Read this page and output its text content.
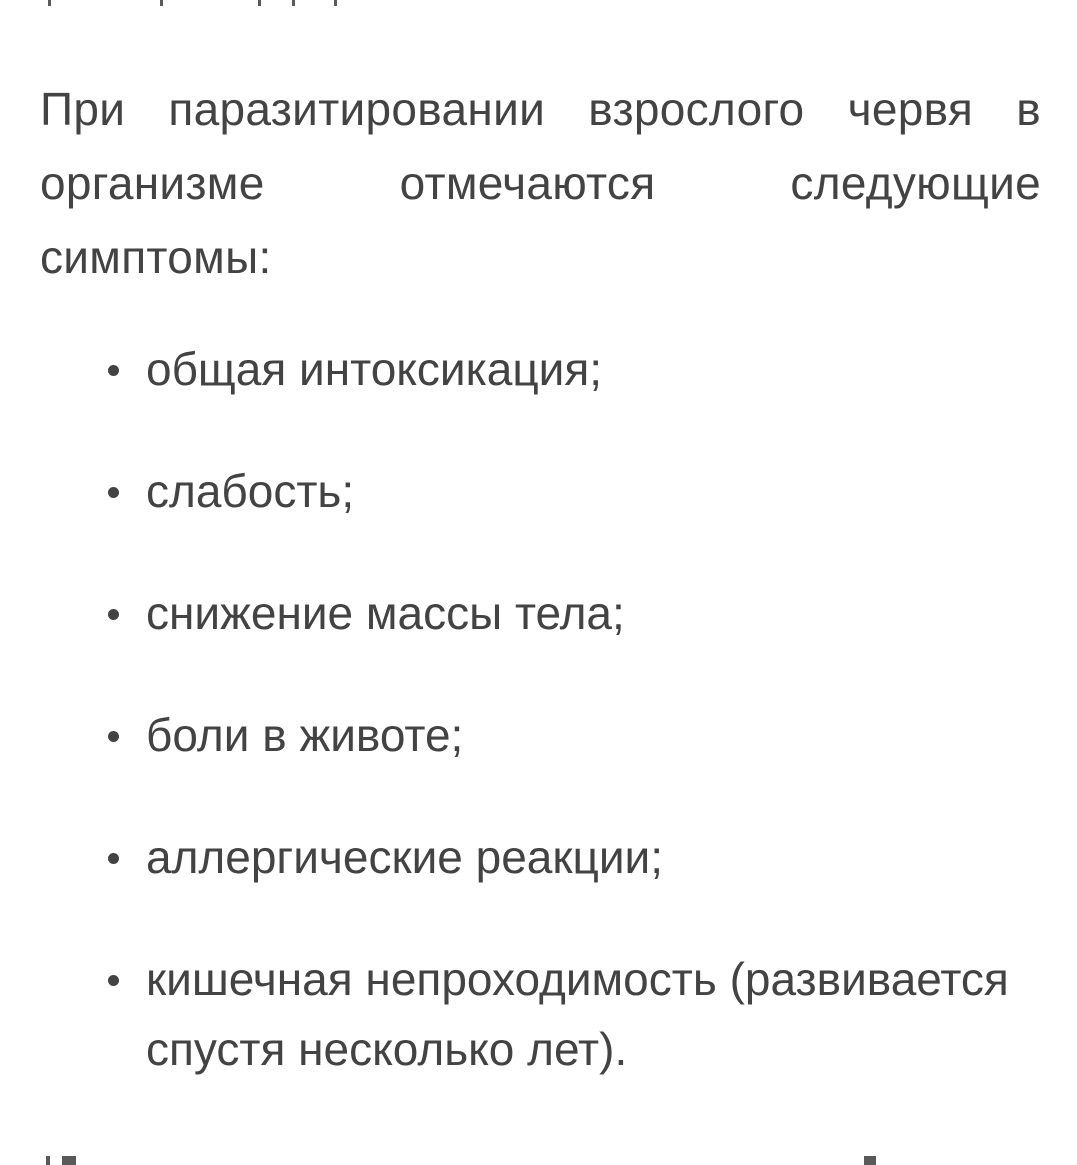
При паразитировании взрослого червя в организме отмечаются следующие симптомы:

общая интоксикация;
слабость;
снижение массы тела;
боли в животе;
аллергические реакции;
кишечная непроходимость (развивается спустя несколько лет).
